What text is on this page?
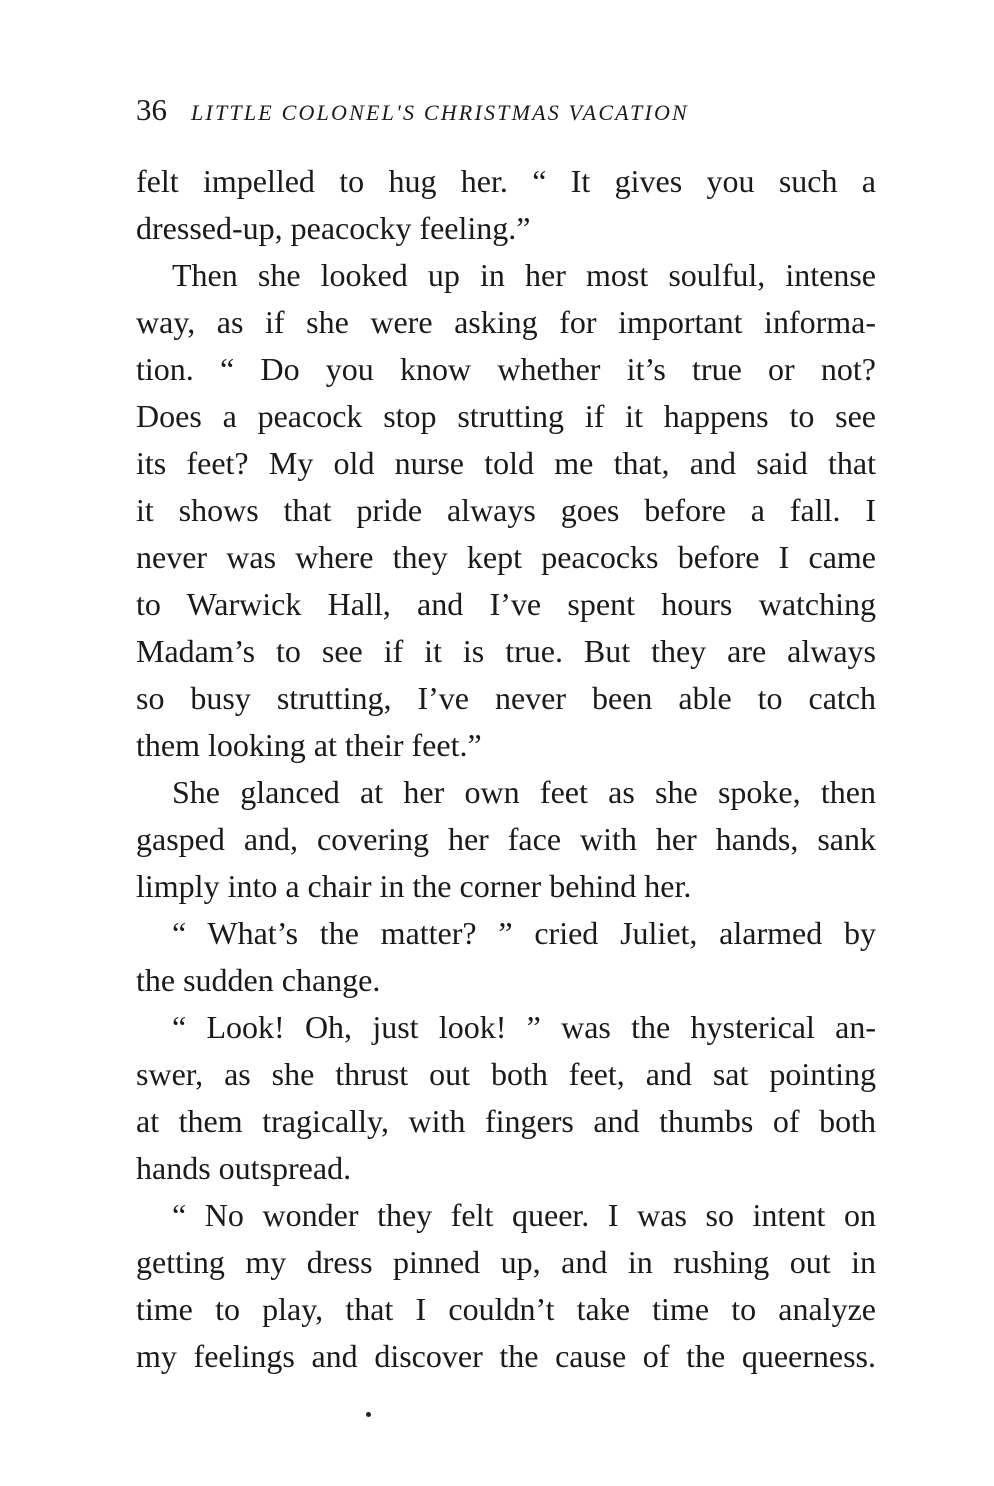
36 LITTLE COLONEL'S CHRISTMAS VACATION
felt impelled to hug her. “ It gives you such a
dressed-up, peacocky feeling.”
Then she looked up in her most soulful, intense
way, as if she were asking for important informa-
tion. “ Do you know whether it’s true or not?
Does a peacock stop strutting if it happens to see
its feet? My old nurse told me that, and said that
it shows that pride always goes before a fall. I
never was where they kept peacocks before I came
to Warwick Hall, and I’ve spent hours watching
Madam’s to see if it is true. But they are always
so busy strutting, I’ve never been able to catch
them looking at their feet.”
She glanced at her own feet as she spoke, then
gasped and, covering her face with her hands, sank
limply into a chair in the corner behind her.
“ What’s the matter? ” cried Juliet, alarmed by
the sudden change.
“ Look! Oh, just look! ” was the hysterical an-
swer, as she thrust out both feet, and sat pointing
at them tragically, with fingers and thumbs of both
hands outspread.
“ No wonder they felt queer. I was so intent on
getting my dress pinned up, and in rushing out in
time to play, that I couldn’t take time to analyze
my feelings and discover the cause of the queerness.
